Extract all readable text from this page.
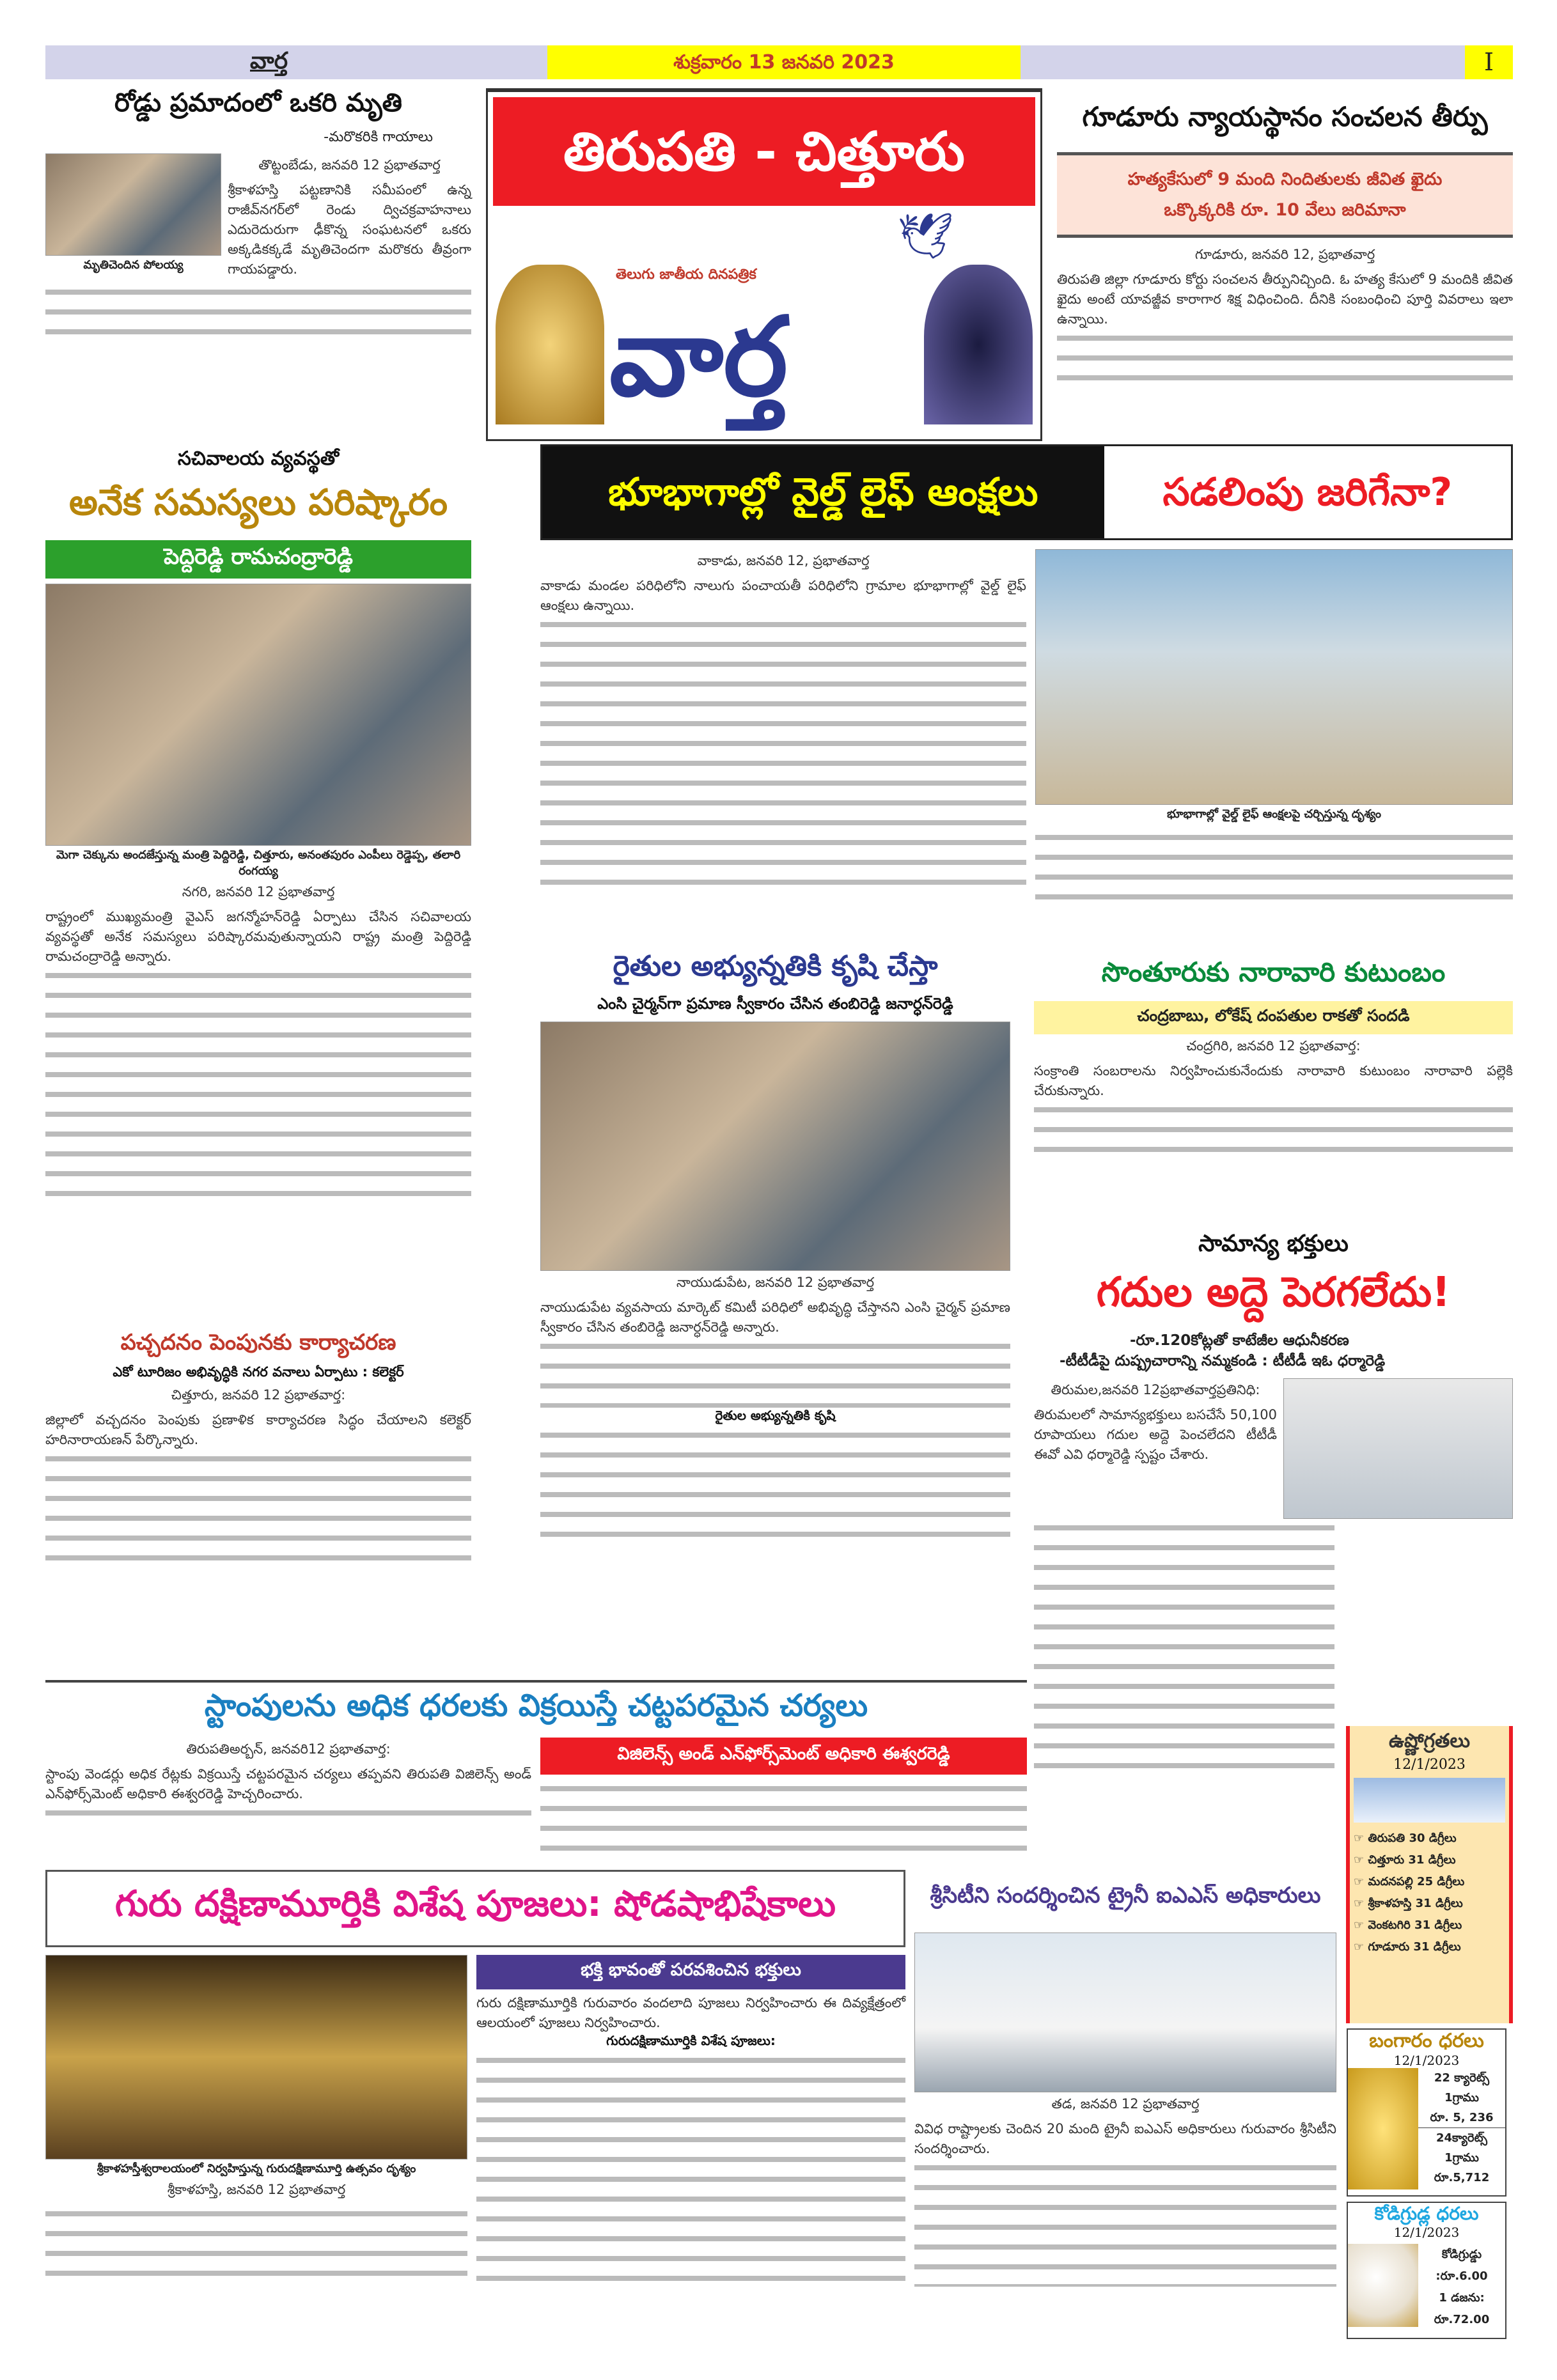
వార్త	శుక్రవారం 13 జనవరి 2023	I
రోడ్డు ప్రమాదంలో ఒకరి మృతి
-మరొకరికి గాయాలు
మృతిచెందిన పోలయ్య
తొట్టంబేడు, జనవరి 12 ప్రభాతవార్త
శ్రీకాళహస్తి పట్టణానికి సమీపంలో ఉన్న రాజీవ్‌నగర్‌లో రెండు ద్విచక్రవాహనాలు ఎదురెదురుగా ఢీకొన్న సంఘటనలో ఒకరు అక్కడికక్కడే మృతిచెందగా మరొకరు తీవ్రంగా గాయపడ్డారు.
తిరుపతి - చిత్తూరు
🕊
తెలుగు జాతీయ దినపత్రిక
వార్త
గూడూరు న్యాయస్థానం సంచలన తీర్పు
హత్యకేసులో 9 మంది నిందితులకు జీవిత ఖైదు
ఒక్కొక్కరికి రూ. 10 వేలు జరిమానా
గూడూరు, జనవరి 12, ప్రభాతవార్త
తిరుపతి జిల్లా గూడూరు కోర్టు సంచలన తీర్పునిచ్చింది. ఓ హత్య కేసులో 9 మందికి జీవిత ఖైదు అంటే యావజ్జీవ కారాగార శిక్ష విధించింది. దీనికి సంబంధించి పూర్తి వివరాలు ఇలా ఉన్నాయి.
సచివాలయ వ్యవస్థతో
అనేక సమస్యలు పరిష్కారం
పెద్దిరెడ్డి రామచంద్రారెడ్డి
మెగా చెక్కును అందజేస్తున్న మంత్రి పెద్దిరెడ్డి, చిత్తూరు, అనంతపురం ఎంపీలు రెడ్డెప్ప, తలారి రంగయ్య
నగరి, జనవరి 12 ప్రభాతవార్త
రాష్ట్రంలో ముఖ్యమంత్రి వైఎస్ జగన్మోహన్‌రెడ్డి ఏర్పాటు చేసిన సచివాలయ వ్యవస్థతో అనేక సమస్యలు పరిష్కారమవుతున్నాయని రాష్ట్ర మంత్రి పెద్దిరెడ్డి రామచంద్రారెడ్డి అన్నారు.
భూభాగాల్లో వైల్డ్ లైఫ్ ఆంక్షలు	సడలింపు జరిగేనా?
వాకాడు, జనవరి 12, ప్రభాతవార్త
వాకాడు మండల పరిధిలోని నాలుగు పంచాయతీ పరిధిలోని గ్రామాల భూభాగాల్లో వైల్డ్ లైఫ్ ఆంక్షలు ఉన్నాయి.
భూభాగాల్లో వైల్డ్ లైఫ్ ఆంక్షలపై చర్చిస్తున్న దృశ్యం
రైతుల అభ్యున్నతికి కృషి చేస్తా
ఎంసి చైర్మన్‌గా ప్రమాణ స్వీకారం చేసిన తంబిరెడ్డి జనార్ధన్‌రెడ్డి
నాయుడుపేట, జనవరి 12 ప్రభాతవార్త
నాయుడుపేట వ్యవసాయ మార్కెట్ కమిటీ పరిధిలో అభివృద్ధి చేస్తానని ఎంసి చైర్మన్ ప్రమాణ స్వీకారం చేసిన తంబిరెడ్డి జనార్ధన్‌రెడ్డి అన్నారు.
రైతుల అభ్యున్నతికి కృషి
సొంతూరుకు నారావారి కుటుంబం
చంద్రబాబు, లోకేష్ దంపతుల రాకతో సందడి
చంద్రగిరి, జనవరి 12 ప్రభాతవార్త:
సంక్రాంతి సంబరాలను నిర్వహించుకునేందుకు నారావారి కుటుంబం నారావారి పల్లెకి చేరుకున్నారు.
సామాన్య భక్తులు
గదుల అద్దె పెరగలేదు!
-రూ.120కోట్లతో కాటేజీల ఆధునీకరణ
-టీటీడీపై దుష్ప్రచారాన్ని నమ్మకండి : టీటీడీ ఇఓ ధర్మారెడ్డి
తిరుమల,జనవరి 12ప్రభాతవార్తప్రతినిధి:
తిరుమలలో సామాన్యభక్తులు బసచేసే 50,100 రూపాయలు గదుల అద్దె పెంచలేదని టీటీడీ ఈవో ఎవి ధర్మారెడ్డి స్పష్టం చేశారు.
పచ్చదనం పెంపునకు కార్యాచరణ
ఎకో టూరిజం అభివృద్ధికి నగర వనాలు ఏర్పాటు : కలెక్టర్
చిత్తూరు, జనవరి 12 ప్రభాతవార్త:
జిల్లాలో వచ్చదనం పెంపుకు ప్రణాళిక కార్యాచరణ సిద్ధం చేయాలని కలెక్టర్ హరినారాయణన్ పేర్కొన్నారు.
స్టాంపులను అధిక ధరలకు విక్రయిస్తే చట్టపరమైన చర్యలు
తిరుపతిఅర్బన్, జనవరి12 ప్రభాతవార్త:
స్టాంపు వెండర్లు అధిక రేట్లకు విక్రయిస్తే చట్టపరమైన చర్యలు తప్పవని తిరుపతి విజిలెన్స్ అండ్ ఎన్‌ఫోర్స్‌మెంట్ అధికారి ఈశ్వరరెడ్డి హెచ్చరించారు.
విజిలెన్స్ అండ్ ఎన్‌ఫోర్స్‌మెంట్ అధికారి ఈశ్వరరెడ్డి
ఉష్ణోగ్రతలు
12/1/2023
☞ తిరుపతి 30 డిగ్రీలు
☞ చిత్తూరు 31 డిగ్రీలు
☞ మదనపల్లి 25 డిగ్రీలు
☞ శ్రీకాళహస్తి 31 డిగ్రీలు
☞ వెంకటగిరి 31 డిగ్రీలు
☞ గూడూరు 31 డిగ్రీలు
బంగారం ధరలు
12/1/2023
22 క్యారెట్స్
1గ్రాము
రూ. 5, 236
24క్యారెట్స్
1గ్రాము
రూ.5,712
కోడిగ్రుడ్ల ధరలు
12/1/2023
కోడిగ్రుడ్డు
:రూ.6.00
1 డజను:
రూ.72.00
గురు దక్షిణామూర్తికి విశేష పూజలు: షోడషాభిషేకాలు
శ్రీకాళహస్తీశ్వరాలయంలో నిర్వహిస్తున్న గురుదక్షిణామూర్తి ఉత్సవం దృశ్యం
శ్రీకాళహస్తి, జనవరి 12 ప్రభాతవార్త
భక్తి భావంతో పరవశించిన భక్తులు
గురు దక్షిణామూర్తికి గురువారం వందలాది పూజలు నిర్వహించారు ఈ దివ్యక్షేత్రంలో ఆలయంలో పూజలు నిర్వహించారు.
గురుదక్షిణామూర్తికి విశేష పూజలు:
శ్రీసిటీని సందర్శించిన ట్రైనీ ఐఎఎస్ అధికారులు
తడ, జనవరి 12 ప్రభాతవార్త
వివిధ రాష్ట్రాలకు చెందిన 20 మంది ట్రైనీ ఐఎఎస్ అధికారులు గురువారం శ్రీసిటీని సందర్శించారు.
